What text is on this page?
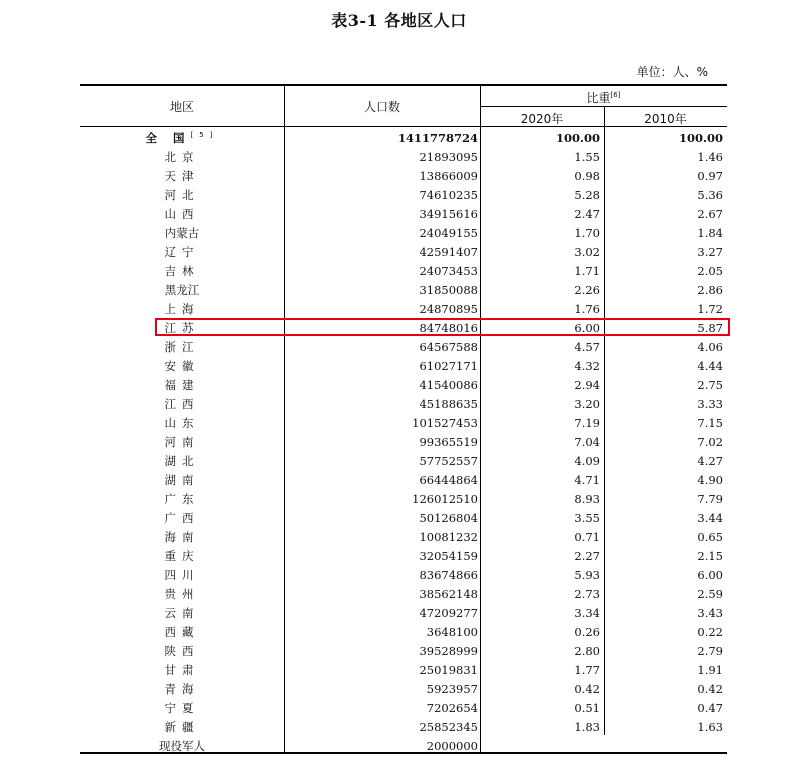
表3-1 各地区人口
单位：人、%
地区	人口数
比重[6]
2020年	2010年
全 国[5]	1411778724	100.00	100.00
北京	21893095	1.55	1.46
天津	13866009	0.98	0.97
河北	74610235	5.28	5.36
山西	34915616	2.47	2.67
内蒙古	24049155	1.70	1.84
辽宁	42591407	3.02	3.27
吉林	24073453	1.71	2.05
黑龙江	31850088	2.26	2.86
上海	24870895	1.76	1.72
江苏	84748016	6.00	5.87
浙江	64567588	4.57	4.06
安徽	61027171	4.32	4.44
福建	41540086	2.94	2.75
江西	45188635	3.20	3.33
山东	101527453	7.19	7.15
河南	99365519	7.04	7.02
湖北	57752557	4.09	4.27
湖南	66444864	4.71	4.90
广东	126012510	8.93	7.79
广西	50126804	3.55	3.44
海南	10081232	0.71	0.65
重庆	32054159	2.27	2.15
四川	83674866	5.93	6.00
贵州	38562148	2.73	2.59
云南	47209277	3.34	3.43
西藏	3648100	0.26	0.22
陕西	39528999	2.80	2.79
甘肃	25019831	1.77	1.91
青海	5923957	0.42	0.42
宁夏	7202654	0.51	0.47
新疆	25852345	1.83	1.63
现役军人	2000000
